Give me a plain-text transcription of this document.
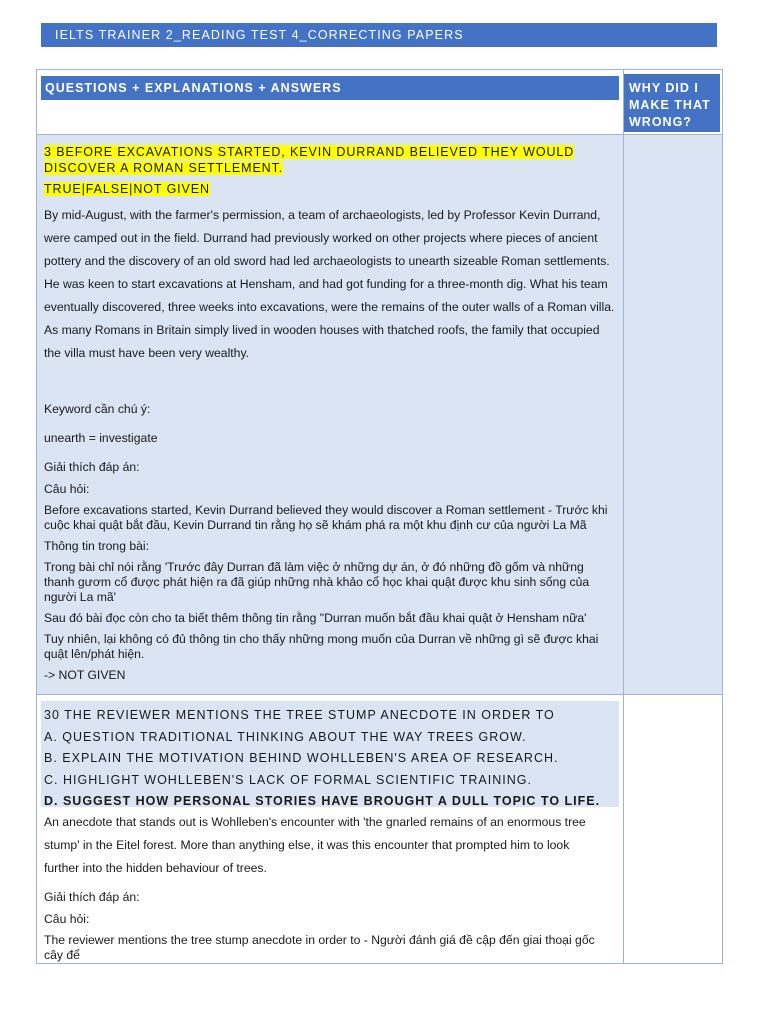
IELTS TRAINER 2_READING TEST 4_CORRECTING PAPERS
QUESTIONS + EXPLANATIONS + ANSWERS	WHY DID I MAKE THAT WRONG?
3 BEFORE EXCAVATIONS STARTED, KEVIN DURRAND BELIEVED THEY WOULD DISCOVER A ROMAN SETTLEMENT.
TRUE|FALSE|NOT GIVEN

By mid-August, with the farmer's permission, a team of archaeologists, led by Professor Kevin Durrand,

were camped out in the field. Durrand had previously worked on other projects where pieces of ancient

pottery and the discovery of an old sword had led archaeologists to unearth sizeable Roman settlements.

He was keen to start excavations at Hensham, and had got funding for a three-month dig. What his team

eventually discovered, three weeks into excavations, were the remains of the outer walls of a Roman villa.

As many Romans in Britain simply lived in wooden houses with thatched roofs, the family that occupied

the villa must have been very wealthy.

Keyword cần chú ý:

unearth = investigate

Giải thích đáp án:

Câu hỏi:

Before excavations started, Kevin Durrand believed they would discover a Roman settlement - Trước khi cuộc khai quật bắt đầu, Kevin Durrand tin rằng họ sẽ khám phá ra một khu định cư của người La Mã

Thông tin trong bài:

Trong bài chỉ nói rằng 'Trước đây Durran đã làm việc ở những dự án, ở đó những đồ gốm và những thanh gươm cổ được phát hiện ra đã giúp những nhà khảo cổ học khai quật được khu sinh sống của người La mã'

Sau đó bài đọc còn cho ta biết thêm thông tin rằng "Durran muốn bắt đầu khai quật ở Hensham nữa'

Tuy nhiên, lại không có đủ thông tin cho thấy những mong muốn của Durran về những gì sẽ được khai quật lên/phát hiện.

-> NOT GIVEN

30 THE REVIEWER MENTIONS THE TREE STUMP ANECDOTE IN ORDER TO

A. QUESTION TRADITIONAL THINKING ABOUT THE WAY TREES GROW.

B. EXPLAIN THE MOTIVATION BEHIND WOHLLEBEN'S AREA OF RESEARCH.

C. HIGHLIGHT WOHLLEBEN'S LACK OF FORMAL SCIENTIFIC TRAINING.

D. SUGGEST HOW PERSONAL STORIES HAVE BROUGHT A DULL TOPIC TO LIFE.

An anecdote that stands out is Wohlleben's encounter with 'the gnarled remains of an enormous tree

stump' in the Eitel forest. More than anything else, it was this encounter that prompted him to look

further into the hidden behaviour of trees.

Giải thích đáp án:

Câu hỏi:

The reviewer mentions the tree stump anecdote in order to - Người đánh giá đề cập đến giai thoại gốc cây để
